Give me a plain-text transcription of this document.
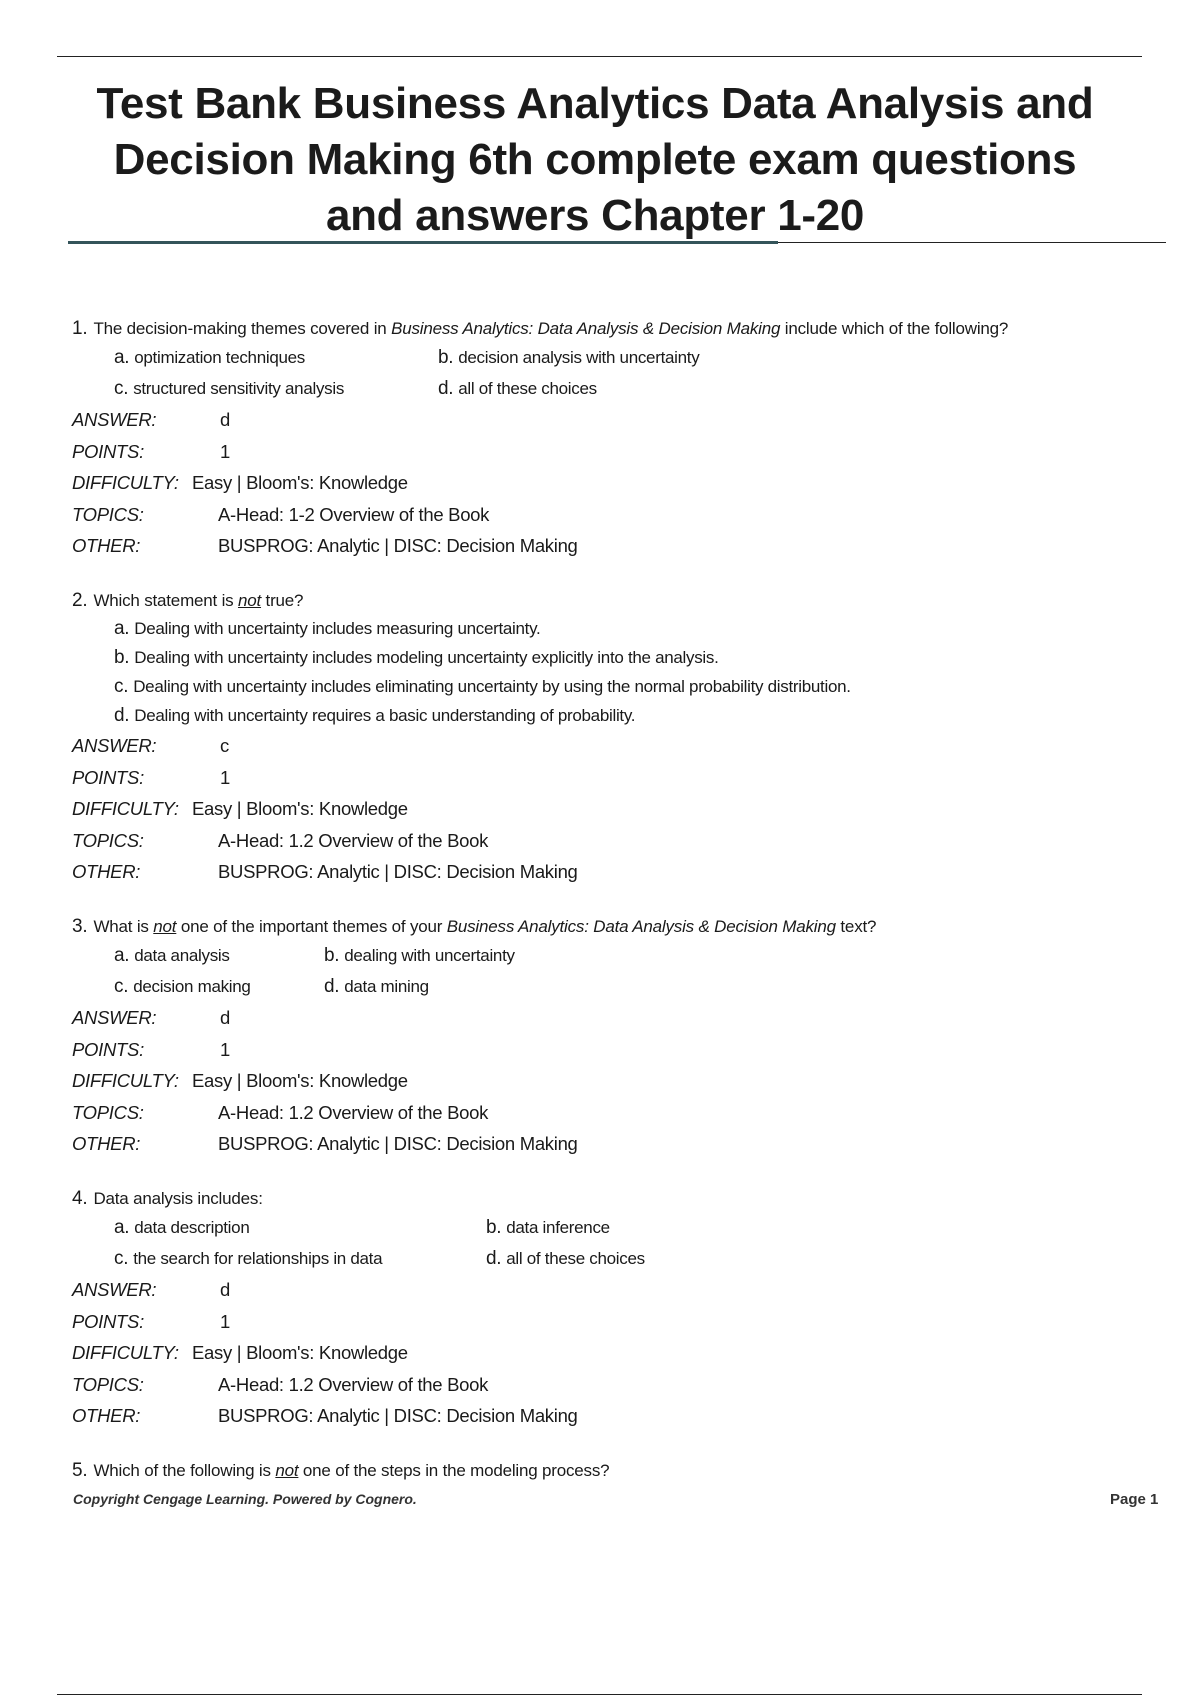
Test Bank Business Analytics Data Analysis and Decision Making 6th complete exam questions and answers Chapter 1-20
1. The decision-making themes covered in Business Analytics: Data Analysis & Decision Making include which of the following?
a. optimization techniques	b. decision analysis with uncertainty
c. structured sensitivity analysis	d. all of these choices
ANSWER:	d
POINTS:	1
DIFFICULTY: Easy | Bloom's: Knowledge
TOPICS:	A-Head: 1-2 Overview of the Book
OTHER:	BUSPROG: Analytic | DISC: Decision Making
2. Which statement is not true?
a. Dealing with uncertainty includes measuring uncertainty.
b. Dealing with uncertainty includes modeling uncertainty explicitly into the analysis.
c. Dealing with uncertainty includes eliminating uncertainty by using the normal probability distribution.
d. Dealing with uncertainty requires a basic understanding of probability.
ANSWER:	c
POINTS:	1
DIFFICULTY: Easy | Bloom's: Knowledge
TOPICS:	A-Head: 1.2 Overview of the Book
OTHER:	BUSPROG: Analytic | DISC: Decision Making
3. What is not one of the important themes of your Business Analytics: Data Analysis & Decision Making text?
a. data analysis	b. dealing with uncertainty
c. decision making	d. data mining
ANSWER:	d
POINTS:	1
DIFFICULTY: Easy | Bloom's: Knowledge
TOPICS:	A-Head: 1.2 Overview of the Book
OTHER:	BUSPROG: Analytic | DISC: Decision Making
4. Data analysis includes:
a. data description	b. data inference
c. the search for relationships in data	d. all of these choices
ANSWER:	d
POINTS:	1
DIFFICULTY: Easy | Bloom's: Knowledge
TOPICS:	A-Head: 1.2 Overview of the Book
OTHER:	BUSPROG: Analytic | DISC: Decision Making
5. Which of the following is not one of the steps in the modeling process?
Copyright Cengage Learning. Powered by Cognero.	Page 1
